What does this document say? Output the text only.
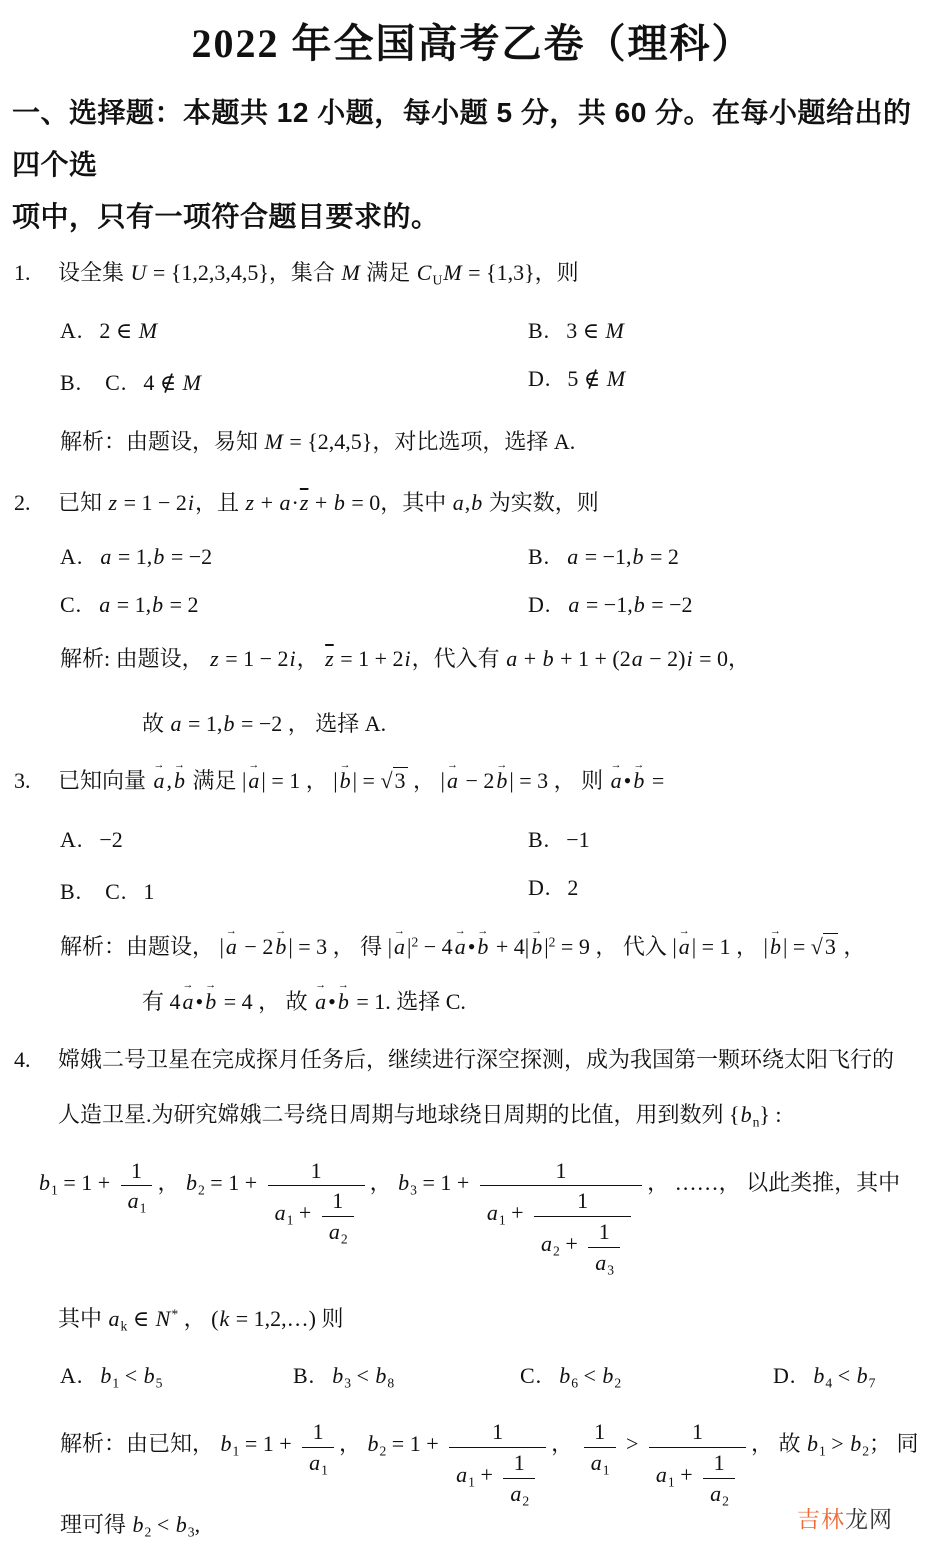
2022 年全国高考乙卷（理科）

一、选择题：本题共 12 小题，每小题 5 分，共 60 分。在每小题给出的四个选
项中，只有一项符合题目要求的。

1.	设全集 U = {1,2,3,4,5}，集合 M 满足 CUM = {1,3}，则
A. 2 ∈ M	B. 3 ∈ M
B.　C. 4 ∉ M	D. 5 ∉ M
解析：由题设，易知 M = {2,4,5}，对比选项，选择 A.
2.	已知 z = 1 − 2i，且 $z + a\cdot\overline{z} + b = 0$，其中 a,b 为实数，则
A. a = 1,b = −2	B. a = −1,b = 2
C. a = 1,b = 2	D. a = −1,b = −2
解析: 由题设， z = 1 − 2i， $\overline{z} = 1 + 2i$，代入有 a + b + 1 + (2a − 2)i = 0，
故 a = 1,b = −2 ， 选择 A.
3.	已知向量 a →,b → 满足 |a →| = 1 ， |b →| = √3 ， |a → − 2b →| = 3 ， 则 a →•b → =
A. −2	B. −1
B.　C. 1	D. 2
解析：由题设， |a → − 2b →| = 3 ， 得 $|a \to|^2 - 4a$ →•b → + $4|b \to|^2 = 9$ ， 代入 |a →| = 1 ， |b →| = √3 ，
有 4a →•b → = 4 ， 故 a →•b → = 1. 选择 C.
4.	嫦娥二号卫星在完成探月任务后，继续进行深空探测，成为我国第一颗环绕太阳飞行的
人造卫星.为研究嫦娥二号绕日周期与地球绕日周期的比值，用到数列 {bn} :
$b1 = 1 + \frac{1}{a1}$ ， $b2 = 1 + \frac{1}{a1 + \frac{1}{a2}}$ ， $b3 = 1 + \frac{1}{a1 + \frac{1}{a2 + \frac{1}{a3}}}$ ， ……， 以此类推，其中
其中 ak ∈ N* ， (k = 1,2,…) 则
A. b1 < b5	B. b3 < b8	C. b6 < b2	D. b4 < b7
解析：由已知， $b1 = 1 + \frac{1}{a1}$ ， $b2 = 1 + \frac{1}{a1 + \frac{1}{a2}}$ ， $\frac{1}{a1} > \frac{1}{a1 + \frac{1}{a2}}$ ， 故 b1 > b2； 同理可得 b2 < b3,	吉林龙网
